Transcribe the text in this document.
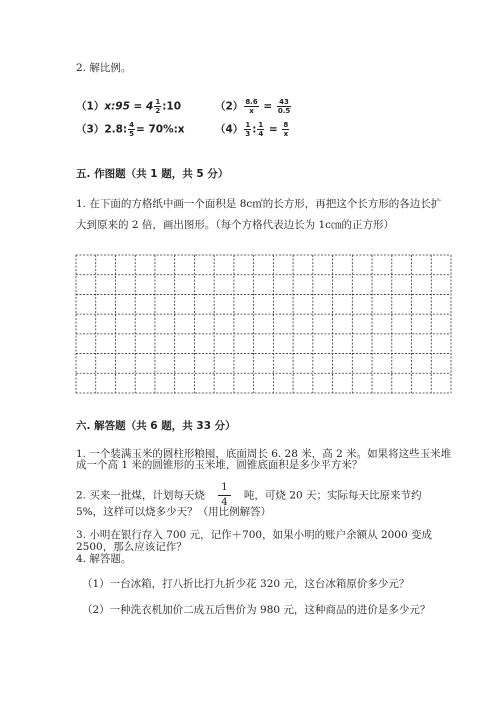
2. 解比例。
（1）x:95 = $4 \frac{1}{2}$ :10	$(2) \frac{8.6}{x} = \frac{43}{0.5}$
（3）2.8: $\frac{4}{5}$ = 70%:x	$(4) \frac{1}{3}$ : $\frac{1}{4} = \frac{8}{x}$
五. 作图题（共 1 题，共 5 分）
1. 在下面的方格纸中画一个面积是 8c㎡的长方形，再把这个长方形的各边长扩
大到原来的 2 倍，画出图形。（每个方格代表边长为 1c㎝的正方形）
六. 解答题（共 6 题，共 33 分）
1. 一个装满玉米的圆柱形粮囤，底面周长 6. 28 米，高 2 米。如果将这些玉米堆
成一个高 1 米的圆锥形的玉米堆，圆锥底面积是多少平方米？
2. 买来一批煤，计划每天烧 $\frac{1}{4}$ 吨，可烧 20 天；实际每天比原来节约
5%，这样可以烧多少天？（用比例解答）
3. 小明在银行存入 700 元，记作＋700，如果小明的账户余额从 2000 变成
2500，那么应该记作？
4. 解答题。
（1）一台冰箱，打八折比打九折少花 320 元，这台冰箱原价多少元？
（2）一种洗衣机加价二成五后售价为 980 元，这种商品的进价是多少元？
